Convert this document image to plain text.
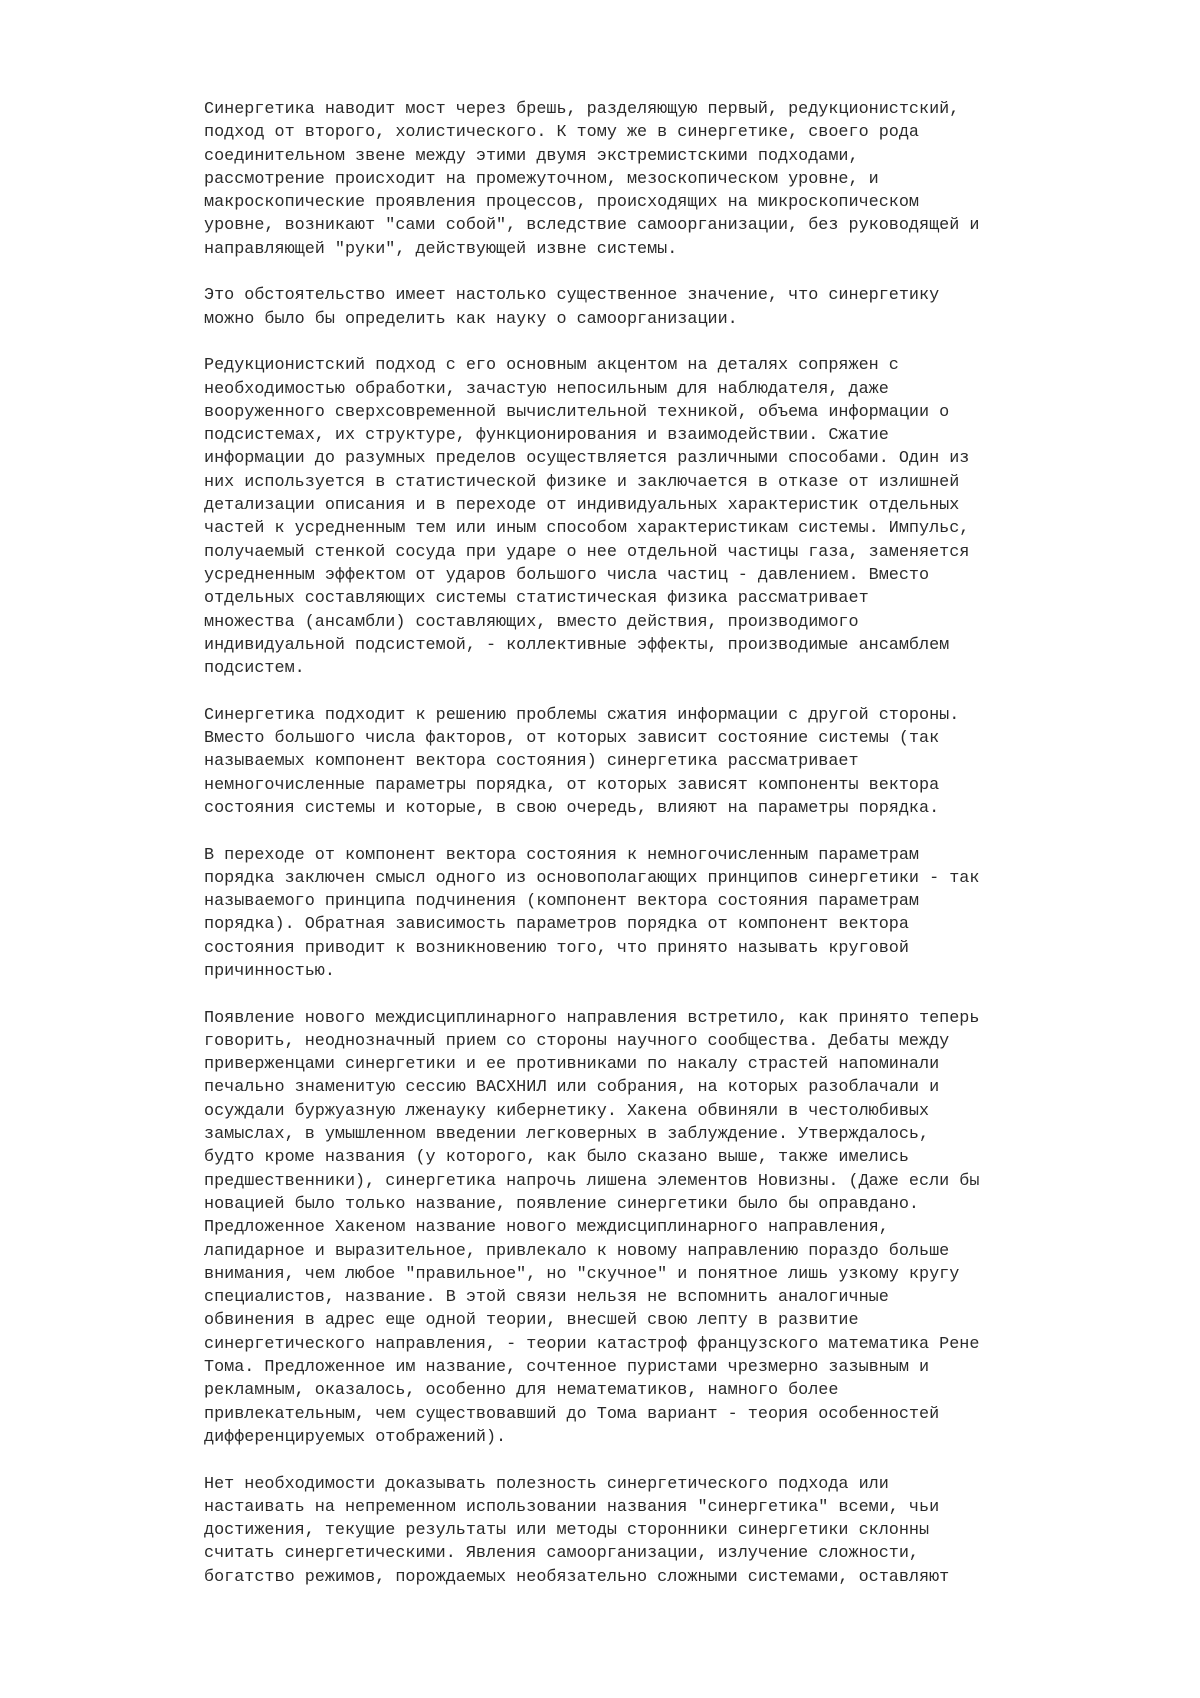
Синергетика наводит мост через брешь, разделяющую первый, редукционистский,
подход от второго, холистического. К тому же в синергетике, своего рода
соединительном звене между этими двумя экстремистскими подходами,
рассмотрение происходит на промежуточном, мезоскопическом уровне, и
макроскопические проявления процессов, происходящих на микроскопическом
уровне, возникают "сами собой", вследствие самоорганизации, без руководящей и
направляющей "руки", действующей извне системы.

Это обстоятельство имеет настолько существенное значение, что синергетику
можно было бы определить как науку о самоорганизации.

Редукционистский подход с его основным акцентом на деталях сопряжен с
необходимостью обработки, зачастую непосильным для наблюдателя, даже
вооруженного сверхсовременной вычислительной техникой, объема информации о
подсистемах, их структуре, функционирования и взаимодействии. Сжатие
информации до разумных пределов осуществляется различными способами. Один из
них используется в статистической физике и заключается в отказе от излишней
детализации описания и в переходе от индивидуальных характеристик отдельных
частей к усредненным тем или иным способом характеристикам системы. Импульс,
получаемый стенкой сосуда при ударе о нее отдельной частицы газа, заменяется
усредненным эффектом от ударов большого числа частиц - давлением. Вместо
отдельных составляющих системы статистическая физика рассматривает
множества (ансамбли) составляющих, вместо действия, производимого
индивидуальной подсистемой, - коллективные эффекты, производимые ансамблем
подсистем.

Синергетика подходит к решению проблемы сжатия информации с другой стороны.
Вместо большого числа факторов, от которых зависит состояние системы (так
называемых компонент вектора состояния) синергетика рассматривает
немногочисленные параметры порядка, от которых зависят компоненты вектора
состояния системы и которые, в свою очередь, влияют на параметры порядка.

В переходе от компонент вектора состояния к немногочисленным параметрам
порядка заключен смысл одного из основополагающих принципов синергетики - так
называемого принципа подчинения (компонент вектора состояния параметрам
порядка). Обратная зависимость параметров порядка от компонент вектора
состояния приводит к возникновению того, что принято называть круговой
причинностью.

Появление нового междисциплинарного направления встретило, как принято теперь
говорить, неоднозначный прием со стороны научного сообщества. Дебаты между
приверженцами синергетики и ее противниками по накалу страстей напоминали
печально знаменитую сессию ВАСХНИЛ или собрания, на которых разоблачали и
осуждали буржуазную лженауку кибернетику. Хакена обвиняли в честолюбивых
замыслах, в умышленном введении легковерных в заблуждение. Утверждалось,
будто кроме названия (у которого, как было сказано выше, также имелись
предшественники), синергетика напрочь лишена элементов Новизны. (Даже если бы
новацией было только название, появление синергетики было бы оправдано.
Предложенное Хакеном название нового междисциплинарного направления,
лапидарное и выразительное, привлекало к новому направлению пораздо больше
внимания, чем любое "правильное", но "скучное" и понятное лишь узкому кругу
специалистов, название. В этой связи нельзя не вспомнить аналогичные
обвинения в адрес еще одной теории, внесшей свою лепту в развитие
синергетического направления, - теории катастроф французского математика Рене
Тома. Предложенное им название, сочтенное пуристами чрезмерно зазывным и
рекламным, оказалось, особенно для нематематиков, намного более
привлекательным, чем существовавший до Тома вариант - теория особенностей
дифференцируемых отображений).

Нет необходимости доказывать полезность синергетического подхода или
настаивать на непременном использовании названия "синергетика" всеми, чьи
достижения, текущие результаты или методы сторонники синергетики склонны
считать синергетическими. Явления самоорганизации, излучение сложности,
богатство режимов, порождаемых необязательно сложными системами, оставляют
